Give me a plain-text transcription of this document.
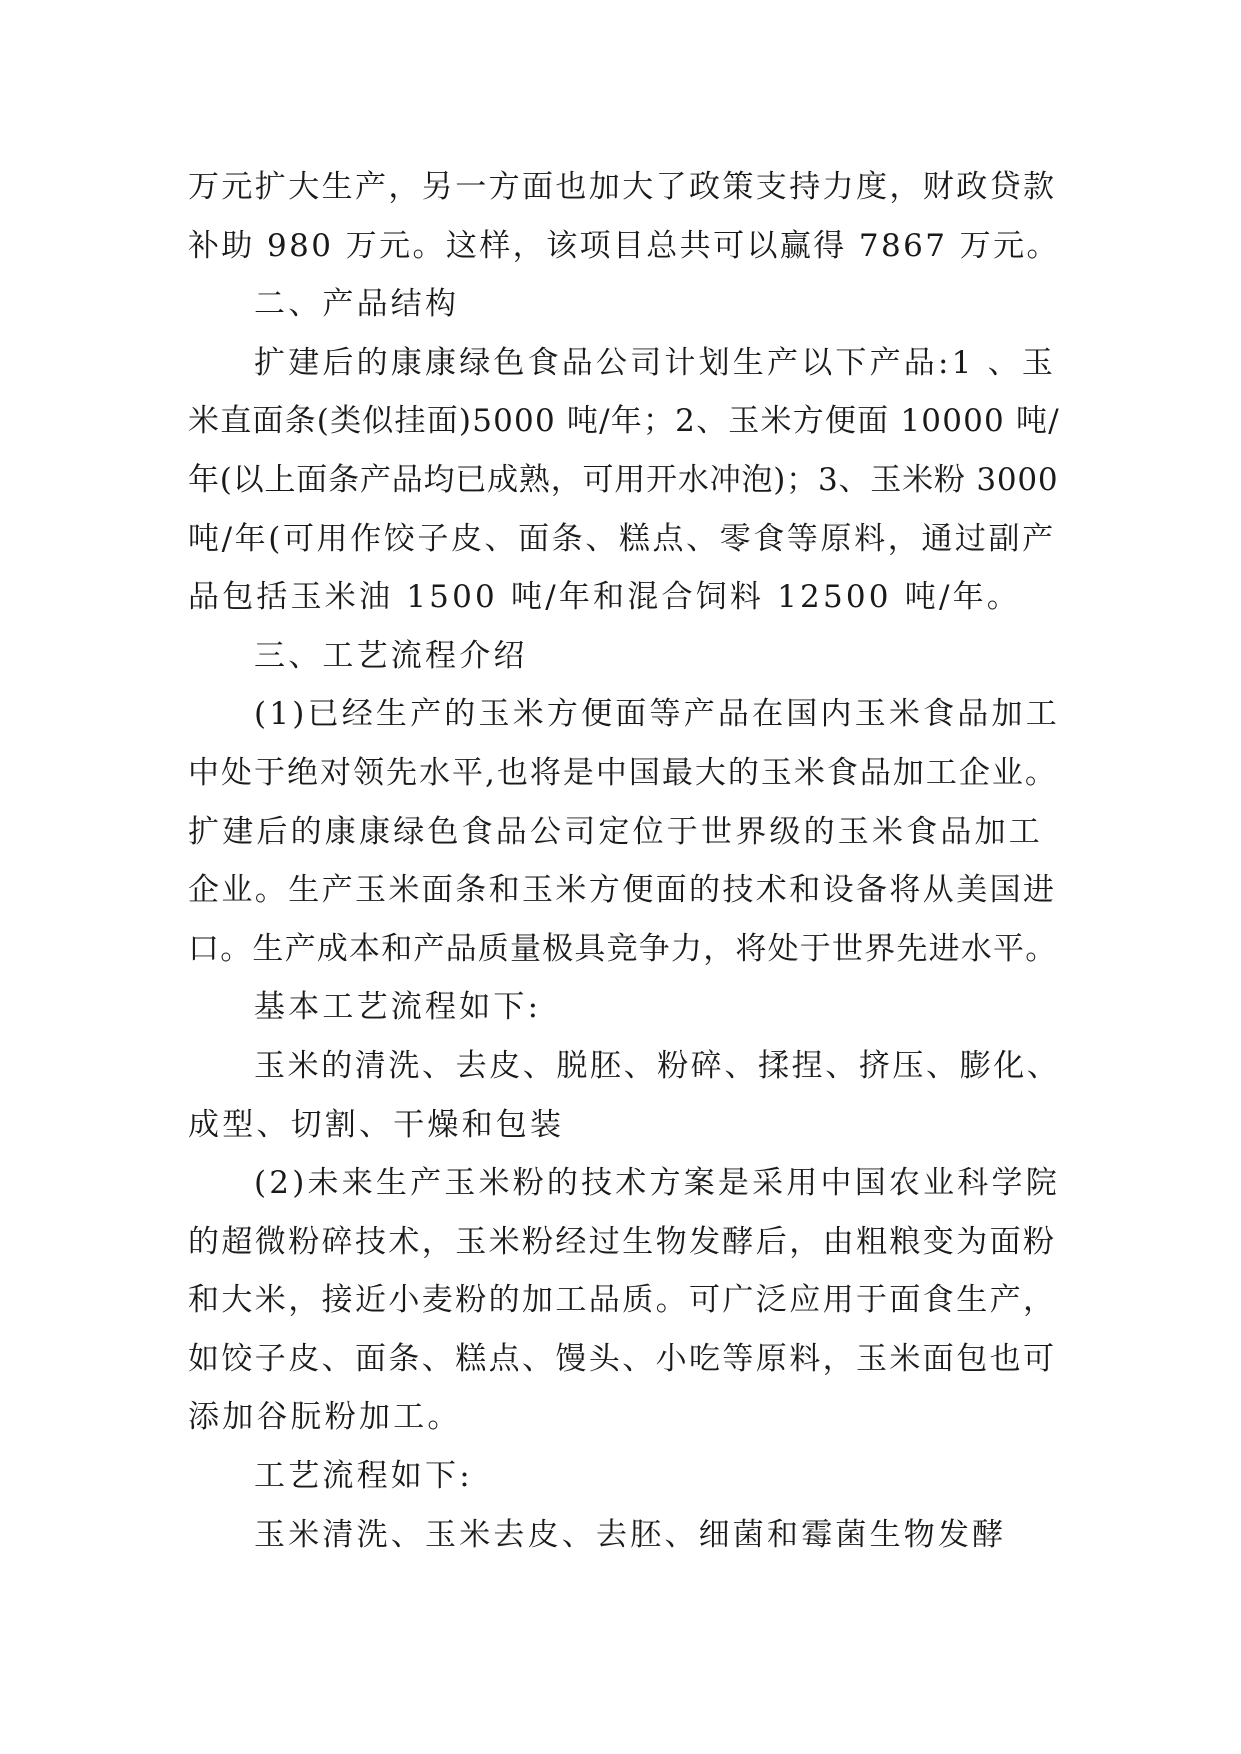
万元扩大生产，另一方面也加大了政策支持力度，财政贷款
补助 980 万元。这样，该项目总共可以赢得 7867 万元。
二、产品结构
扩建后的康康绿色食品公司计划生产以下产品:1 、玉
米直面条(类似挂面)5000 吨/年；2、玉米方便面 10000 吨/
年(以上面条产品均已成熟，可用开水冲泡)；3、玉米粉 3000
吨/年(可用作饺子皮、面条、糕点、零食等原料，通过副产
品包括玉米油 1500 吨/年和混合饲料 12500 吨/年。
三、工艺流程介绍
(1)已经生产的玉米方便面等产品在国内玉米食品加工
中处于绝对领先水平,也将是中国最大的玉米食品加工企业。
扩建后的康康绿色食品公司定位于世界级的玉米食品加工
企业。生产玉米面条和玉米方便面的技术和设备将从美国进
口。生产成本和产品质量极具竞争力，将处于世界先进水平。
基本工艺流程如下:
玉米的清洗、去皮、脱胚、粉碎、揉捏、挤压、膨化、
成型、切割、干燥和包装
(2)未来生产玉米粉的技术方案是采用中国农业科学院
的超微粉碎技术，玉米粉经过生物发酵后，由粗粮变为面粉
和大米，接近小麦粉的加工品质。可广泛应用于面食生产，
如饺子皮、面条、糕点、馒头、小吃等原料，玉米面包也可
添加谷朊粉加工。
工艺流程如下:
玉米清洗、玉米去皮、去胚、细菌和霉菌生物发酵
